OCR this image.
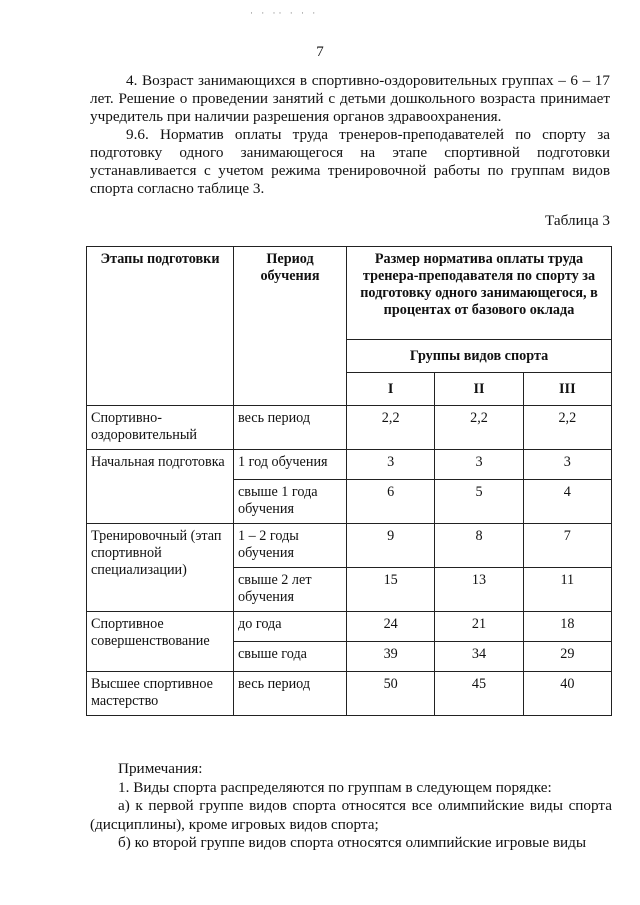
· · ·· · · ·
7

4. Возраст занимающихся в спортивно-оздоровительных группах – 6 – 17 лет. Решение о проведении занятий с детьми дошкольного возраста принимает учредитель при наличии разрешения органов здравоохранения.

9.6. Норматив оплаты труда тренеров-преподавателей по спорту за подготовку одного занимающегося на этапе спортивной подготовки устанавливается с учетом режима тренировочной работы по группам видов спорта согласно таблице 3.

Таблица 3
Этапы подготовки	Период обучения	Размер норматива оплаты труда тренера-преподавателя по спорту за подготовку одного занимающегося, в процентах от базового оклада		
		Группы видов спорта		
		I	II	III
Спортивно-оздоровительный	весь период	2,2	2,2	2,2
Начальная подготовка	1 год обучения	3	3	3
	свыше 1 года обучения	6	5	4
Тренировочный (этап спортивной специализации)	1 – 2 годы обучения	9	8	7
	свыше 2 лет обучения	15	13	11
Спортивное совершенствование	до года	24	21	18
	свыше года	39	34	29
Высшее спортивное мастерство	весь период	50	45	40

Примечания:

1. Виды спорта распределяются по группам в следующем порядке:

а) к первой группе видов спорта относятся все олимпийские виды спорта (дисциплины), кроме игровых видов спорта;

б) ко второй группе видов спорта относятся олимпийские игровые виды
